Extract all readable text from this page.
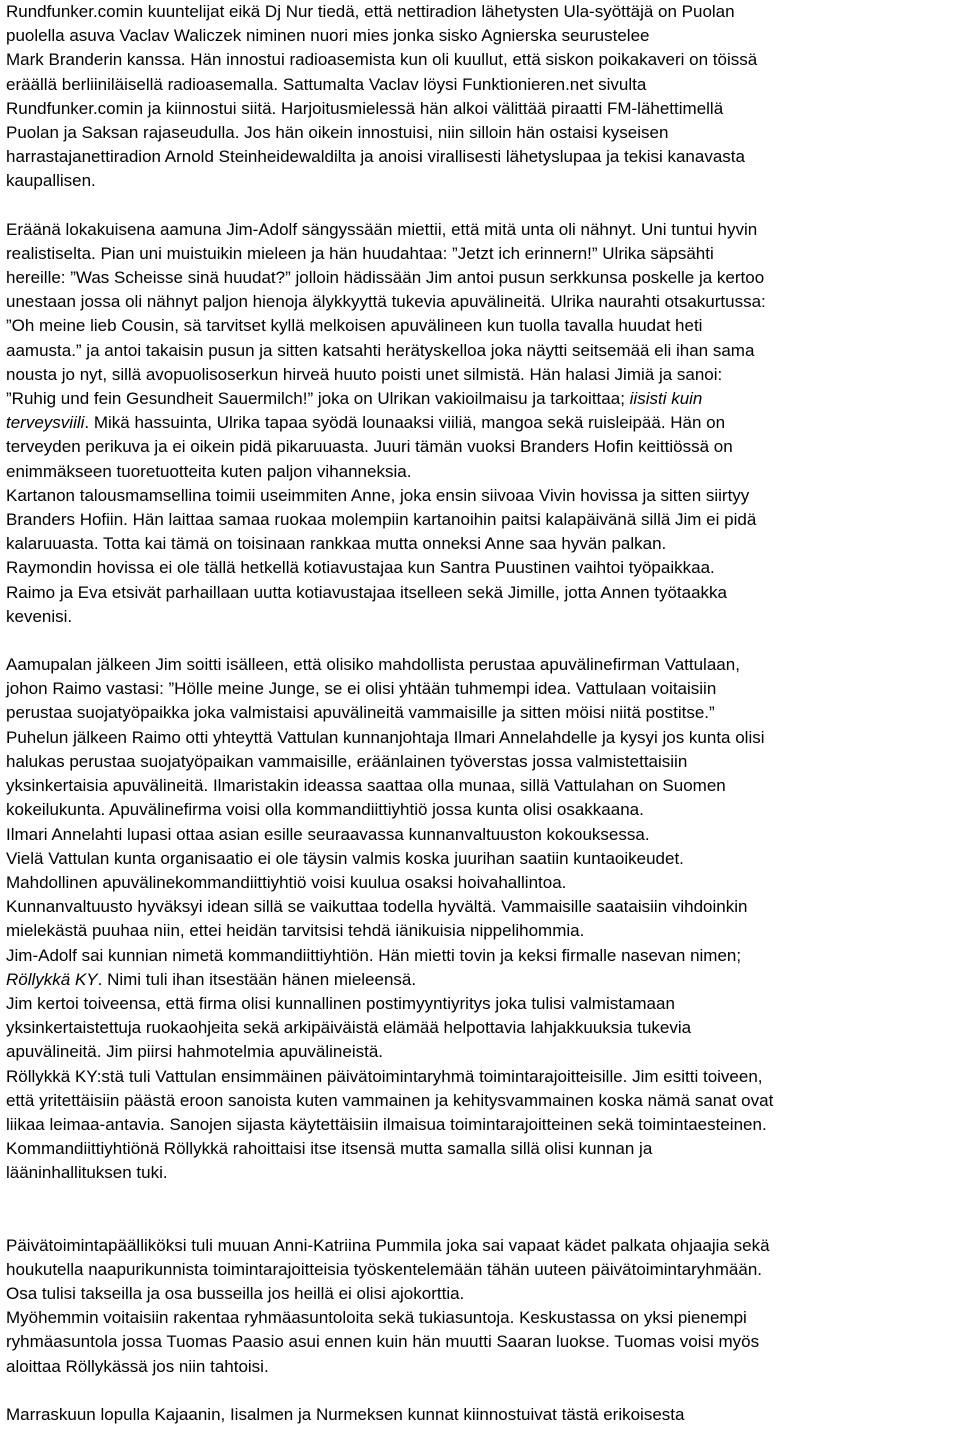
Rundfunker.comin kuuntelijat eikä Dj Nur tiedä, että nettiradion lähetysten Ula-syöttäjä on Puolan
puolella asuva Vaclav Waliczek niminen nuori mies jonka sisko Agnierska seurustelee
Mark Branderin kanssa. Hän innostui radioasemista kun oli kuullut, että siskon poikakaveri on töissä
eräällä berliiniläisellä radioasemalla. Sattumalta Vaclav löysi Funktionieren.net sivulta
Rundfunker.comin ja kiinnostui siitä. Harjoitusmielessä hän alkoi välittää piraatti FM-lähettimellä
Puolan ja Saksan rajaseudulla. Jos hän oikein innostuisi, niin silloin hän ostaisi kyseisen
harrastajanettiradion Arnold Steinheidewaldilta ja anoisi virallisesti lähetyslupaa ja tekisi kanavasta
kaupallisen.

Eräänä lokakuisena aamuna Jim-Adolf sängyssään miettii, että mitä unta oli nähnyt. Uni tuntui hyvin
realistiselta. Pian uni muistuikin mieleen ja hän huudahtaa: ”Jetzt ich erinnern!” Ulrika säpsähti
hereille: ”Was Scheisse sinä huudat?” jolloin hädissään Jim antoi pusun serkkunsa poskelle ja kertoo
unestaan jossa oli nähnyt paljon hienoja älykkyyttä tukevia apuvälineitä. Ulrika naurahti otsakurtussa:
”Oh meine lieb Cousin, sä tarvitset kyllä melkoisen apuvälineen kun tuolla tavalla huudat heti
aamusta.” ja antoi takaisin pusun ja sitten katsahti herätyskelloa joka näytti seitsemää eli ihan sama
nousta jo nyt, sillä avopuolisoserkun hirveä huuto poisti unet silmistä. Hän halasi Jimiä ja sanoi:
”Ruhig und fein Gesundheit Sauermilch!” joka on Ulrikan vakioilmaisu ja tarkoittaa; iisisti kuin
terveysviili. Mikä hassuinta, Ulrika tapaa syödä lounaaksi viiliä, mangoa sekä ruisleipää. Hän on
terveyden perikuva ja ei oikein pidä pikaruuasta. Juuri tämän vuoksi Branders Hofin keittiössä on
enimmäkseen tuoretuotteita kuten paljon vihanneksia.
Kartanon talousmamsellina toimii useimmiten Anne, joka ensin siivoaa Vivin hovissa ja sitten siirtyy
Branders Hofiin. Hän laittaa samaa ruokaa molempiin kartanoihin paitsi kalapäivänä sillä Jim ei pidä
kalaruuasta. Totta kai tämä on toisinaan rankkaa mutta onneksi Anne saa hyvän palkan.
Raymondin hovissa ei ole tällä hetkellä kotiavustajaa kun Santra Puustinen vaihtoi työpaikkaa.
Raimo ja Eva etsivät parhaillaan uutta kotiavustajaa itselleen sekä Jimille, jotta Annen työtaakka
kevenisi.

Aamupalan jälkeen Jim soitti isälleen, että olisiko mahdollista perustaa apuvälinefirman Vattulaan,
johon Raimo vastasi: ”Hölle meine Junge, se ei olisi yhtään tuhmempi idea. Vattulaan voitaisiin
perustaa suojatyöpaikka joka valmistaisi apuvälineitä vammaisille ja sitten möisi niitä postitse.”
Puhelun jälkeen Raimo otti yhteyttä Vattulan kunnanjohtaja Ilmari Annelahdelle ja kysyi jos kunta olisi
halukas perustaa suojatyöpaikan vammaisille, eräänlainen työverstas jossa valmistettaisiin
yksinkertaisia apuvälineitä. Ilmaristakin ideassa saattaa olla munaa, sillä Vattulahan on Suomen
kokeilukunta. Apuvälinefirma voisi olla kommandiittiyhtiö jossa kunta olisi osakkaana.
Ilmari Annelahti lupasi ottaa asian esille seuraavassa kunnanvaltuuston kokouksessa.
Vielä Vattulan kunta organisaatio ei ole täysin valmis koska juurihan saatiin kuntaoikeudet.
Mahdollinen apuvälinekommandiittiyhtiö voisi kuulua osaksi hoivahallintoa.
Kunnanvaltuusto hyväksyi idean sillä se vaikuttaa todella hyvältä. Vammaisille saataisiin vihdoinkin
mielekästä puuhaa niin, ettei heidän tarvitsisi tehdä iänikuisia nippelihommia.
Jim-Adolf sai kunnian nimetä kommandiittiyhtiön. Hän mietti tovin ja keksi firmalle nasevan nimen;
Röllykkä KY. Nimi tuli ihan itsestään hänen mieleensä.
Jim kertoi toiveensa, että firma olisi kunnallinen postimyyntiyritys joka tulisi valmistamaan
yksinkertaistettuja ruokaohjeita sekä arkipäiväistä elämää helpottavia lahjakkuuksia tukevia
apuvälineitä. Jim piirsi hahmotelmia apuvälineistä.
Röllykkä KY:stä tuli Vattulan ensimmäinen päivätoimintaryhmä toimintarajoitteisille. Jim esitti toiveen,
että yritettäisiin päästä eroon sanoista kuten vammainen ja kehitysvammainen koska nämä sanat ovat
liikaa leimaa-antavia. Sanojen sijasta käytettäisiin ilmaisua toimintarajoitteinen sekä toimintaesteinen.
Kommandiittiyhtiönä Röllykkä rahoittaisi itse itsensä mutta samalla sillä olisi kunnan ja
lääninhallituksen tuki.

Päivätoimintapäälliköksi tuli muuan Anni-Katriina Pummila joka sai vapaat kädet palkata ohjaajia sekä
houkutella naapurikunnista toimintarajoitteisia työskentelemään tähän uuteen päivätoimintaryhmään.
Osa tulisi takseilla ja osa busseilla jos heillä ei olisi ajokorttia.
Myöhemmin voitaisiin rakentaa ryhmäasuntoloita sekä tukiasuntoja. Keskustassa on yksi pienempi
ryhmäasuntola jossa Tuomas Paasio asui ennen kuin hän muutti Saaran luokse. Tuomas voisi myös
aloittaa Röllykässä jos niin tahtoisi.

Marraskuun lopulla Kajaanin, Iisalmen ja Nurmeksen kunnat kiinnostuivat tästä erikoisesta
